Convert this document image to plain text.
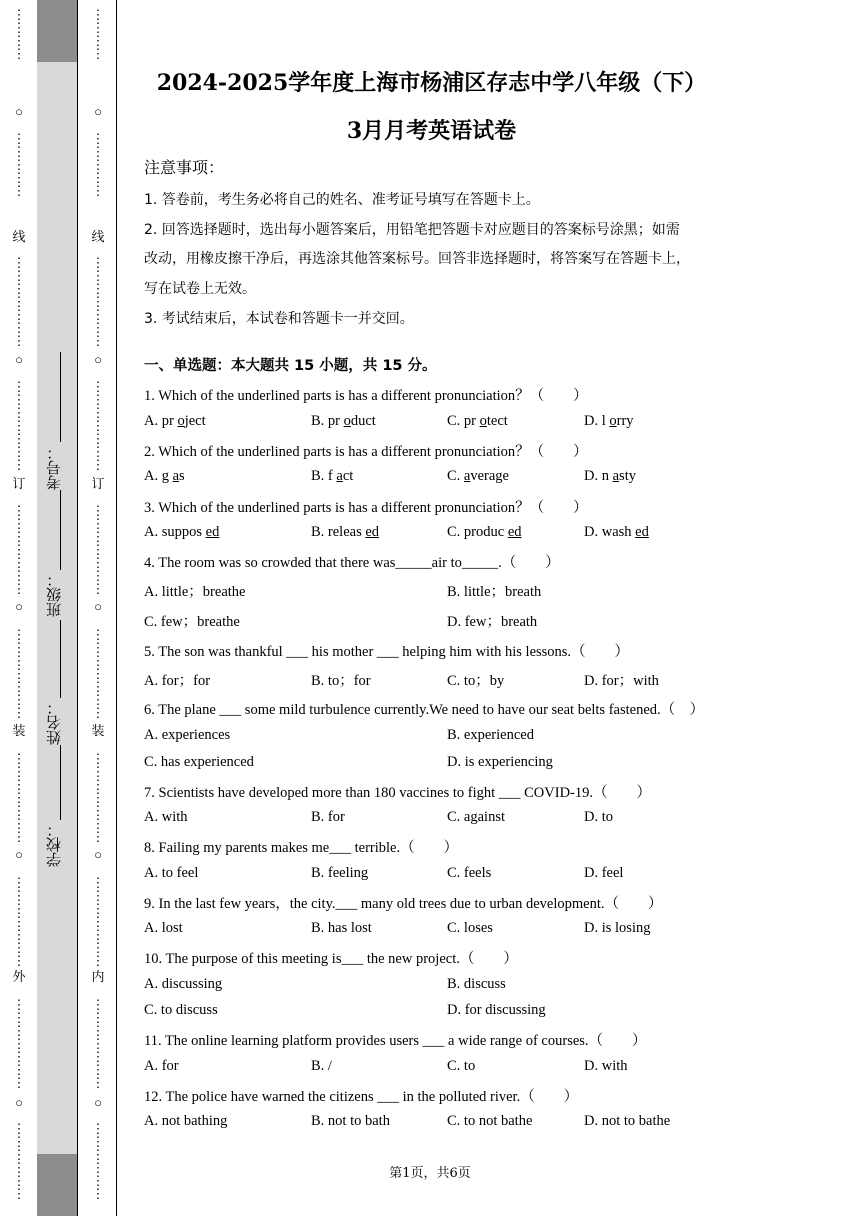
⋮
⋮
⋮
⋮
○
⋮
⋮
⋮
⋮
⋮
线
⋮
⋮
⋮
⋮
⋮
⋮
⋮
○
⋮
⋮
⋮
⋮
⋮
⋮
⋮
订
⋮
⋮
⋮
⋮
⋮
⋮
⋮
○
⋮
⋮
⋮
⋮
⋮
⋮
⋮
装
⋮
⋮
⋮
⋮
⋮
⋮
⋮
○
⋮
⋮
⋮
⋮
⋮
⋮
⋮
外
⋮
⋮
⋮
⋮
⋮
⋮
⋮
○
⋮
⋮
⋮
⋮
⋮
⋮
⋮
⋮
⋮
⋮
○
⋮
⋮
⋮
⋮
⋮
线
⋮
⋮
⋮
⋮
⋮
⋮
⋮
○
⋮
⋮
⋮
⋮
⋮
⋮
⋮
订
⋮
⋮
⋮
⋮
⋮
⋮
⋮
○
⋮
⋮
⋮
⋮
⋮
⋮
⋮
装
⋮
⋮
⋮
⋮
⋮
⋮
⋮
○
⋮
⋮
⋮
⋮
⋮
⋮
⋮
内
⋮
⋮
⋮
⋮
⋮
⋮
⋮
○
⋮
⋮
⋮
⋮
⋮
⋮
考号：
班级：
姓名：
学校：
2024-2025学年度上海市杨浦区存志中学八年级（下）
3月月考英语试卷
注意事项：
1. 答卷前，考生务必将自己的姓名、准考证号填写在答题卡上。
2. 回答选择题时，选出每小题答案后，用铅笔把答题卡对应题目的答案标号涂黑；如需
改动，用橡皮擦干净后，再选涂其他答案标号。回答非选择题时，将答案写在答题卡上，
写在试卷上无效。
3. 考试结束后，本试卷和答题卡一并交回。
一、单选题：本大题共 15 小题，共 15 分。
1. Which of the underlined parts is has a different pronunciation？（　　）
A. pr oject	B. pr oduct	C. pr otect	D. l orry
2. Which of the underlined parts is has a different pronunciation？（　　）
A. g as	B. f act	C. average	D. n asty
3. Which of the underlined parts is has a different pronunciation？（　　）
A. suppos ed	B. releas ed	C. produc ed	D. wash ed
4. The room was so crowded that there was_____air to_____.（　　）
A. little；breathe	B. little；breath
C. few；breathe	D. few；breath
5. The son was thankful ___ his mother ___ helping him with his lessons.（　　）
A. for；for	B. to；for	C. to；by	D. for；with
6. The plane ___ some mild turbulence currently.We need to have our seat belts fastened.（　）
A. experiences	B. experienced
C. has experienced	D. is experiencing
7. Scientists have developed more than 180 vaccines to fight ___ COVID-19.（　　）
A. with	B. for	C. against	D. to
8. Failing my parents makes me___ terrible.（　　）
A. to feel	B. feeling	C. feels	D. feel
9. In the last few years，the city.___ many old trees due to urban development.（　　）
A. lost	B. has lost	C. loses	D. is losing
10. The purpose of this meeting is___ the new project.（　　）
A. discussing	B. discuss
C. to discuss	D. for discussing
11. The online learning platform provides users ___ a wide range of courses.（　　）
A. for	B. /	C. to	D. with
12. The police have warned the citizens ___ in the polluted river.（　　）
A. not bathing	B. not to bath	C. to not bathe	D. not to bathe
第1页，共6页
